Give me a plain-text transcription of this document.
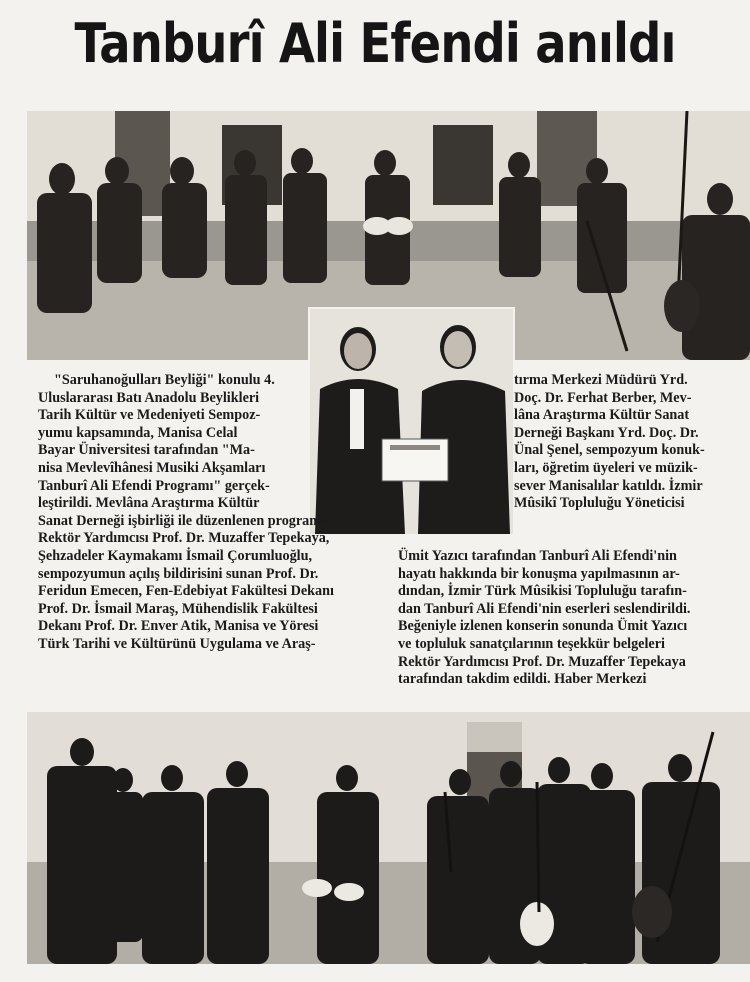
Tanburî Ali Efendi anıldı

"Saruhanoğulları Beyliği" konulu 4.

Uluslararası Batı Anadolu Beylikleri
Tarih Kültür ve Medeniyeti Sempoz-
yumu kapsamında, Manisa Celal
Bayar Üniversitesi tarafından "Ma-
nisa Mevlevîhânesi Musiki Akşamları
Tanburî Ali Efendi Programı" gerçek-
leştirildi. Mevlâna Araştırma Kültür
Sanat Derneği işbirliği ile düzenlenen programa
Rektör Yardımcısı Prof. Dr. Muzaffer Tepekaya,
Şehzadeler Kaymakamı İsmail Çorumluoğlu,
sempozyumun açılış bildirisini sunan Prof. Dr.
Feridun Emecen, Fen-Edebiyat Fakültesi Dekanı
Prof. Dr. İsmail Maraş, Mühendislik Fakültesi
Dekanı Prof. Dr. Enver Atik, Manisa ve Yöresi
Türk Tarihi ve Kültürünü Uygulama ve Araş-
tırma Merkezi Müdürü Yrd.
Doç. Dr. Ferhat Berber, Mev-
lâna Araştırma Kültür Sanat
Derneği Başkanı Yrd. Doç. Dr.
Ünal Şenel, sempozyum konuk-
ları, öğretim üyeleri ve müzik-
sever Manisalılar katıldı. İzmir
Mûsikî Topluluğu Yöneticisi
Ümit Yazıcı tarafından Tanburî Ali Efendi'nin
hayatı hakkında bir konuşma yapılmasının ar-
dından, İzmir Türk Mûsikisi Topluluğu tarafın-
dan Tanburî Ali Efendi'nin eserleri seslendirildi.
Beğeniyle izlenen konserin sonunda Ümit Yazıcı
ve topluluk sanatçılarının teşekkür belgeleri
Rektör Yardımcısı Prof. Dr. Muzaffer Tepekaya
tarafından takdim edildi. Haber Merkezi
